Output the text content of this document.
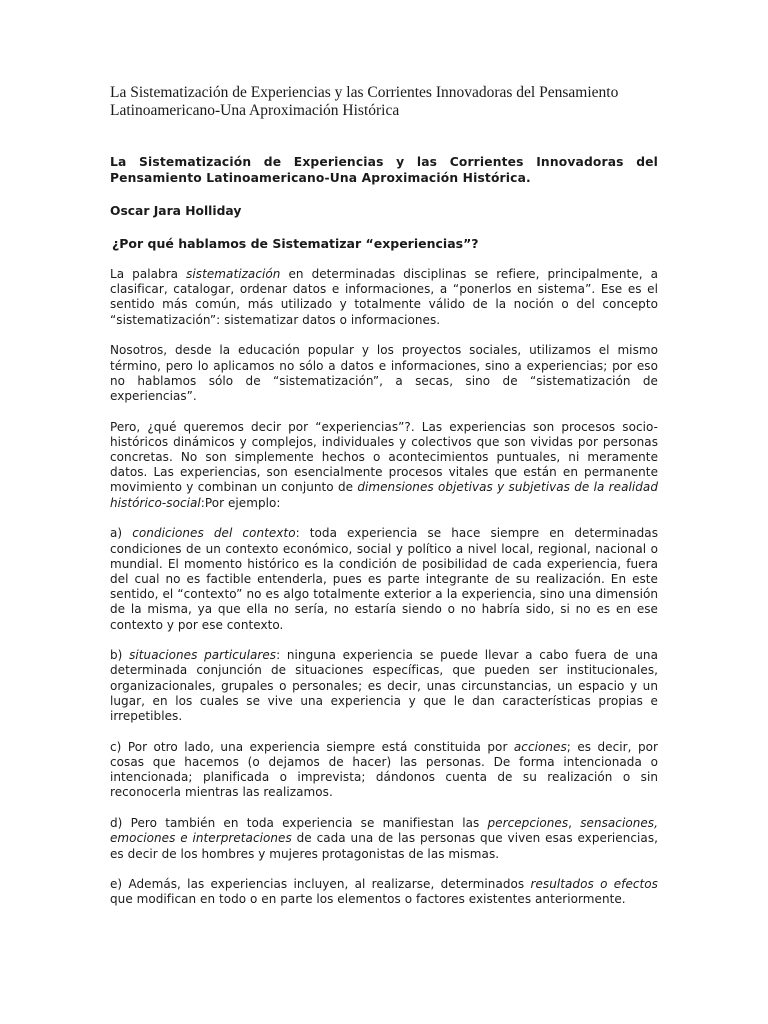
La Sistematización de Experiencias y las Corrientes Innovadoras del Pensamiento
Latinoamericano-Una Aproximación Histórica

La Sistematización de Experiencias y las Corrientes Innovadoras del Pensamiento Latinoamericano-Una Aproximación Histórica.

Oscar Jara Holliday

¿Por qué hablamos de Sistematizar “experiencias”?

La palabra sistematización en determinadas disciplinas se refiere, principalmente, a clasificar, catalogar, ordenar datos e informaciones, a “ponerlos en sistema”. Ese es el sentido más común, más utilizado y totalmente válido de la noción o del concepto “sistematización”: sistematizar datos o informaciones.

Nosotros, desde la educación popular y los proyectos sociales, utilizamos el mismo término, pero lo aplicamos no sólo a datos e informaciones, sino a experiencias; por eso no hablamos sólo de “sistematización”, a secas, sino de “sistematización de experiencias”.

Pero, ¿qué queremos decir por “experiencias”?. Las experiencias son procesos socio-históricos dinámicos y complejos, individuales y colectivos que son vividas por personas concretas. No son simplemente hechos o acontecimientos puntuales, ni meramente datos. Las experiencias, son esencialmente procesos vitales que están en permanente movimiento y combinan un conjunto de dimensiones objetivas y subjetivas de la realidad histórico-social:Por ejemplo:

a) condiciones del contexto: toda experiencia se hace siempre en determinadas condiciones de un contexto económico, social y político a nivel local, regional, nacional o mundial. El momento histórico es la condición de posibilidad de cada experiencia, fuera del cual no es factible entenderla, pues es parte integrante de su realización. En este sentido, el “contexto” no es algo totalmente exterior a la experiencia, sino una dimensión de la misma, ya que ella no sería, no estaría siendo o no habría sido, si no es en ese contexto y por ese contexto.

b) situaciones particulares: ninguna experiencia se puede llevar a cabo fuera de una determinada conjunción de situaciones específicas, que pueden ser institucionales, organizacionales, grupales o personales; es decir, unas circunstancias, un espacio y un lugar, en los cuales se vive una experiencia y que le dan características propias e irrepetibles.

c) Por otro lado, una experiencia siempre está constituida por acciones; es decir, por cosas que hacemos (o dejamos de hacer) las personas. De forma intencionada o intencionada; planificada o imprevista; dándonos cuenta de su realización o sin reconocerla mientras las realizamos.

d) Pero también en toda experiencia se manifiestan las percepciones, sensaciones, emociones e interpretaciones de cada una de las personas que viven esas experiencias, es decir de los hombres y mujeres protagonistas de las mismas.

e) Además, las experiencias incluyen, al realizarse, determinados resultados o efectos que modifican en todo o en parte los elementos o factores existentes anteriormente.
